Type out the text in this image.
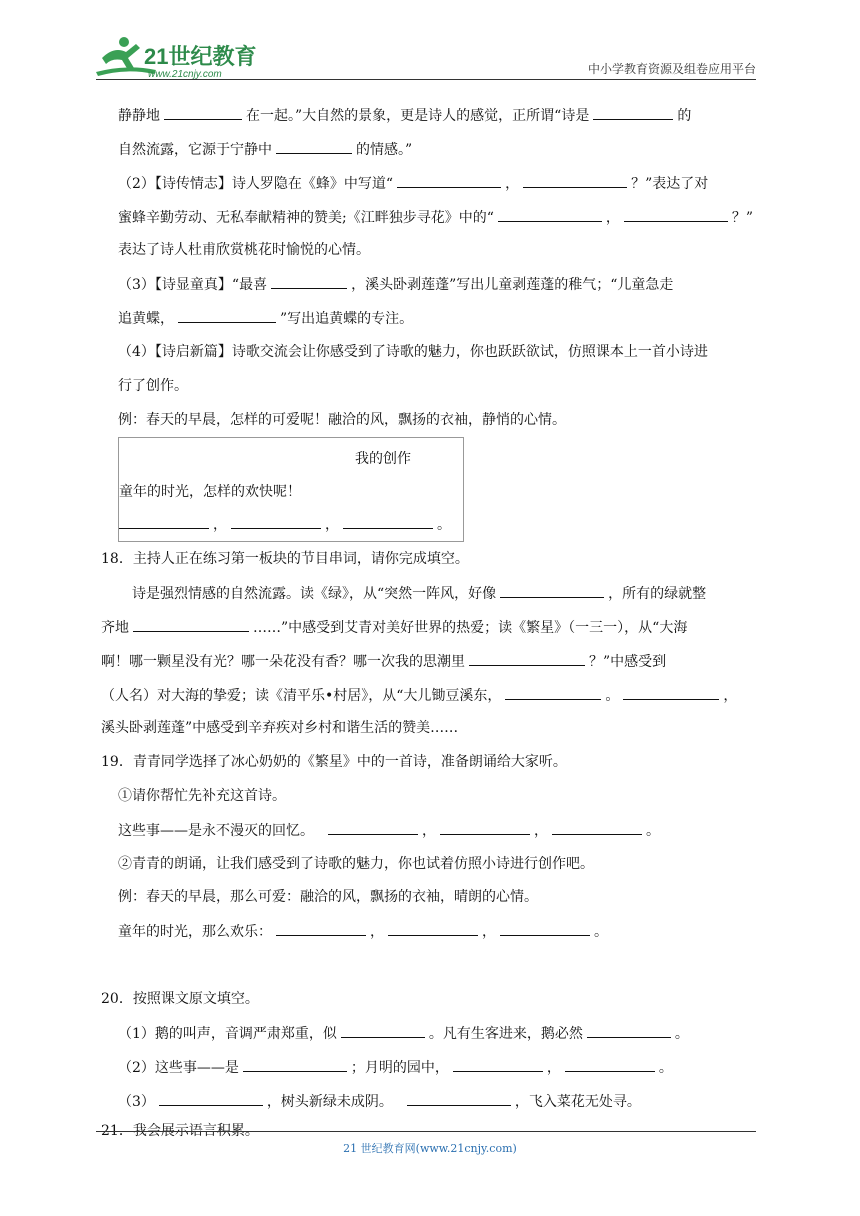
21世纪教育
www.21cnjy.com	中小学教育资源及组卷应用平台
静静地	在一起。”大自然的景象，更是诗人的感觉，正所谓“诗是	的
自然流露，它源于宁静中	的情感。”
（2）【诗传情志】诗人罗隐在《蜂》中写道“	，	？”表达了对
蜜蜂辛勤劳动、无私奉献精神的赞美;《江畔独步寻花》中的“	，	？”
表达了诗人杜甫欣赏桃花时愉悦的心情。
（3）【诗显童真】“最喜	，溪头卧剥莲蓬”写出儿童剥莲蓬的稚气；“儿童急走
追黄蝶，	”写出追黄蝶的专注。
（4）【诗启新篇】诗歌交流会让你感受到了诗歌的魅力，你也跃跃欲试，仿照课本上一首小诗进
行了创作。
例：春天的早晨，怎样的可爱呢！融洽的风，飘扬的衣袖，静悄的心情。
我的创作
童年的时光，怎样的欢快呢！
，	，	。
18．主持人正在练习第一板块的节目串词，请你完成填空。
诗是强烈情感的自然流露。读《绿》，从“突然一阵风，好像	，所有的绿就整
齐地	……”中感受到艾青对美好世界的热爱；读《繁星》（一三一），从“大海
啊！哪一颗星没有光？哪一朵花没有香？哪一次我的思潮里	？”中感受到
（人名）对大海的挚爱；读《清平乐•村居》，从“大儿锄豆溪东，	。	，
溪头卧剥莲蓬”中感受到辛弃疾对乡村和谐生活的赞美……
19．青青同学选择了冰心奶奶的《繁星》中的一首诗，准备朗诵给大家听。
①请你帮忙先补充这首诗。
这些事——是永不漫灭的回忆。	，	，	。
②青青的朗诵，让我们感受到了诗歌的魅力，你也试着仿照小诗进行创作吧。
例：春天的早晨，那么可爱：融洽的风，飘扬的衣袖，晴朗的心情。
童年的时光，那么欢乐：	，	，	。
20．按照课文原文填空。
（1）鹅的叫声，音调严肃郑重，似	。凡有生客进来，鹅必然	。
（2）这些事——是	；月明的园中，	，	。
（3）	，树头新绿未成阴。	，飞入菜花无处寻。
21．我会展示语言积累。
21 世纪教育网(www.21cnjy.com)
